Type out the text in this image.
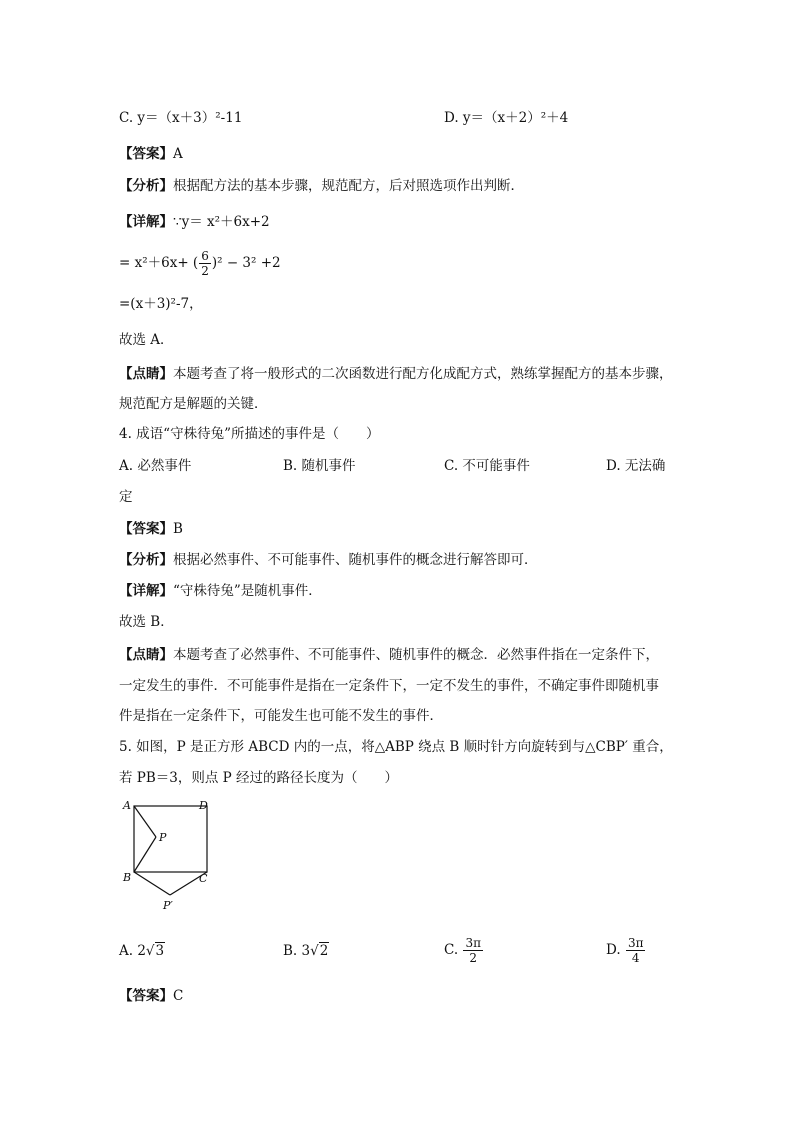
C. y＝（x＋3）²-11	D. y＝（x＋2）²＋4
【答案】A
【分析】根据配方法的基本步骤，规范配方，后对照选项作出判断．
【详解】∵y＝ x²＋6x+2
= x²＋6x+ ( $\frac{6}{2} )^2 - 3^2 +2$
=(x＋3)²-7，
故选 A．
【点睛】本题考查了将一般形式的二次函数进行配方化成配方式，熟练掌握配方的基本步骤，
规范配方是解题的关键．
4. 成语“守株待兔”所描述的事件是（　　）
A. 必然事件	B. 随机事件	C. 不可能事件	D. 无法确
定
【答案】B
【分析】根据必然事件、不可能事件、随机事件的概念进行解答即可．
【详解】“守株待兔”是随机事件．
故选 B．
【点睛】本题考查了必然事件、不可能事件、随机事件的概念．必然事件指在一定条件下，
一定发生的事件．不可能事件是指在一定条件下，一定不发生的事件，不确定事件即随机事
件是指在一定条件下，可能发生也可能不发生的事件．
5. 如图，P 是正方形 ABCD 内的一点，将△ABP 绕点 B 顺时针方向旋转到与△CBP′ 重合，
若 PB＝3，则点 P 经过的路径长度为（　　）
A	D
P
B	C
P′
A. 2√3	B. 3√2	C. $\frac{3\pi}{2}$	D. $\frac{3\pi}{4}$
【答案】C
